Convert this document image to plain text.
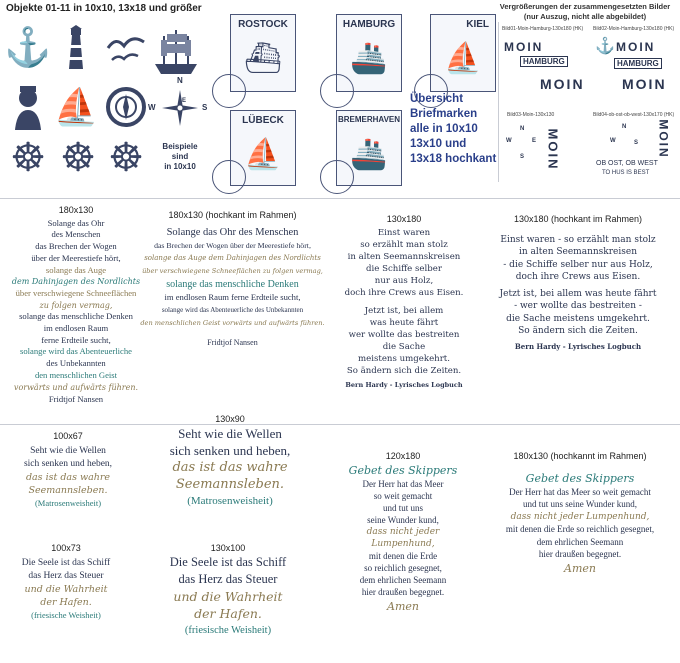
Objekte 01-11 in 10x10, 13x18 und größer	Vergrößerungen der zusammengesetzten Bilder
(nur Auszug, nicht alle abgebildet)
⚓
⛵
☸ ☸ ☸
N
W
E
S
Beispiele
sind
in 10x10
ROSTOCK
⛴
HAMBURG
🚢
KIEL
⛵
LÜBECK
⛵
BREMERHAVEN
🚢
Übersicht
Briefmarken
alle in 10x10
13x10 und
13x18 hochkant
Bild01-Moin-Hamburg-130x180 (HK) Bild02-Moin-Hamburg-130x180 (HK)
MOIN
HAMBURG
MOIN
⚓ MOIN
HAMBURG
MOIN
Bild03-Moin-130x130	Bild04-ob-ost-ob-west-130x170 (HK)
MOIN
N
W
S
E
N
W	S MOIN
OB OST, OB WEST
TO HUS IS BEST
180x130
Solange das Ohr
des Menschen
das Brechen der Wogen
über der Meerestiefe hört,
solange das Auge
dem Dahinjagen des Nordlichts
über verschwiegene Schneeflächen
zu folgen vermag,
solange das menschliche Denken
im endlosen Raum
ferne Erdteile sucht,
solange wird das Abenteuerliche
des Unbekannten
den menschlichen Geist
vorwärts und aufwärts führen.
Fridtjof Nansen
180x130 (hochkant im Rahmen)
Solange das Ohr des Menschen
das Brechen der Wogen über der Meerestiefe hört,
solange das Auge dem Dahinjagen des Nordlichts
über verschwiegene Schneeflächen zu folgen vermag,
solange das menschliche Denken
im endlosen Raum ferne Erdteile sucht,
solange wird das Abenteuerliche des Unbekannten
den menschlichen Geist vorwärts und aufwärts führen.
Fridtjof Nansen
130x180
Einst waren
so erzählt man stolz
in alten Seemannskreisen
die Schiffe selber
nur aus Holz,
doch ihre Crews aus Eisen.
Jetzt ist, bei allem
was heute fährt
wer wollte das bestreiten
die Sache
meistens umgekehrt.
So ändern sich die Zeiten.
Bern Hardy - Lyrisches Logbuch
130x180 (hochkant im Rahmen)
Einst waren - so erzählt man stolz
in alten Seemannskreisen
- die Schiffe selber nur aus Holz,
doch ihre Crews aus Eisen.
Jetzt ist, bei allem was heute fährt
- wer wollte das bestreiten -
die Sache meistens umgekehrt.
So ändern sich die Zeiten.
Bern Hardy - Lyrisches Logbuch
100x67
Seht wie die Wellen
sich senken und heben,
das ist das wahre
Seemannsleben.
(Matrosenweisheit)
130x90
Seht wie die Wellen
sich senken und heben,
das ist das wahre
Seemannsleben.
(Matrosenweisheit)
100x73
Die Seele ist das Schiff
das Herz das Steuer
und die Wahrheit
der Hafen.
(friesische Weisheit)
130x100
Die Seele ist das Schiff
das Herz das Steuer
und die Wahrheit
der Hafen.
(friesische Weisheit)
120x180
Gebet des Skippers
Der Herr hat das Meer
so weit gemacht
und tut uns
seine Wunder kund,
dass nicht jeder
Lumpenhund,
mit denen die Erde
so reichlich gesegnet,
dem ehrlichen Seemann
hier draußen begegnet.
Amen
180x130 (hochkannt im Rahmen)
Gebet des Skippers
Der Herr hat das Meer so weit gemacht
und tut uns seine Wunder kund,
dass nicht jeder Lumpenhund,
mit denen die Erde so reichlich gesegnet,
dem ehrlichen Seemann
hier draußen begegnet.
Amen
